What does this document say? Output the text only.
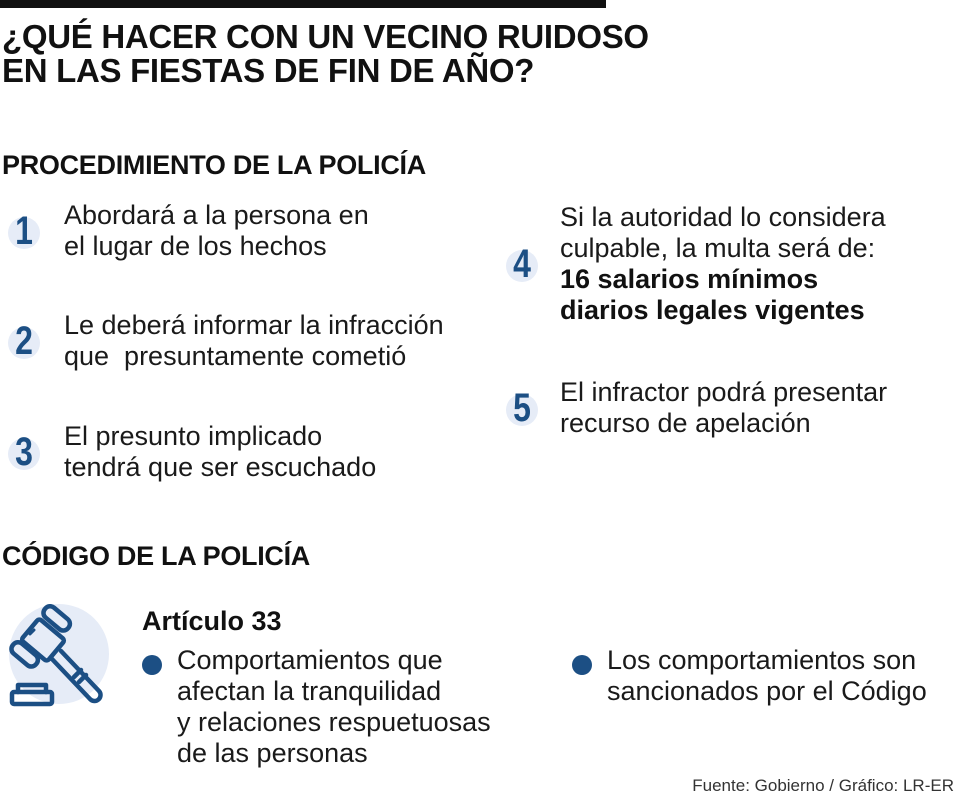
¿QUÉ HACER CON UN VECINO RUIDOSO
EN LAS FIESTAS DE FIN DE AÑO?
PROCEDIMIENTO DE LA POLICÍA
1	Abordará a la persona en
el lugar de los hechos
2	Le deberá informar la infracción
que  presuntamente cometió
3	El presunto implicado
tendrá que ser escuchado
4
Si la autoridad lo considera
culpable, la multa será de:
16 salarios mínimos
diarios legales vigentes
5	El infractor podrá presentar
recurso de apelación
CÓDIGO DE LA POLICÍA
Artículo 33
Comportamientos que
afectan la tranquilidad
y relaciones respuetuosas
de las personas
Los comportamientos son
sancionados por el Código
Fuente: Gobierno / Gráfico: LR-ER
